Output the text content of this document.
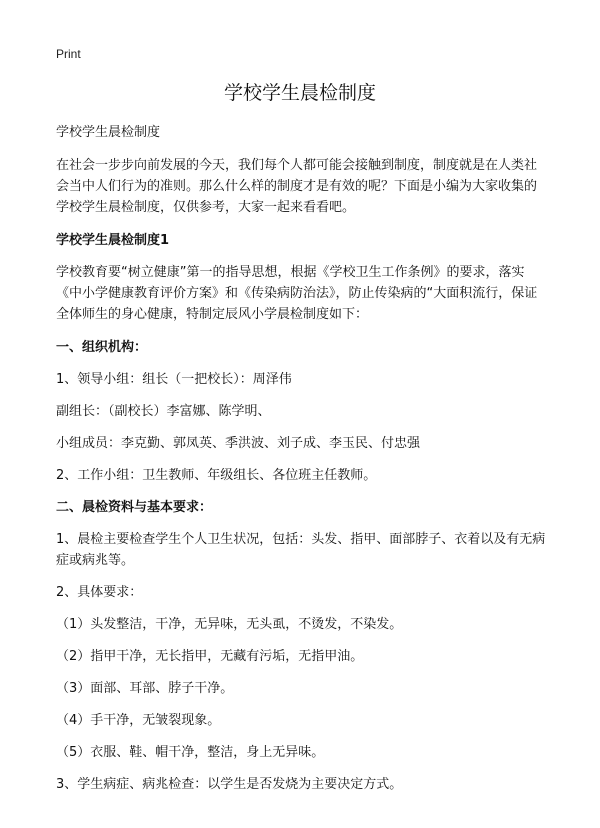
Print
学校学生晨检制度

学校学生晨检制度

在社会一步步向前发展的今天，我们每个人都可能会接触到制度，制度就是在人类社会当中人们行为的准则。那么什么样的制度才是有效的呢？下面是小编为大家收集的学校学生晨检制度，仅供参考，大家一起来看看吧。

学校学生晨检制度1

学校教育要“树立健康”第一的指导思想，根据《学校卫生工作条例》的要求，落实《中小学健康教育评价方案》和《传染病防治法》，防止传染病的“大面积流行，保证全体师生的身心健康，特制定辰风小学晨检制度如下：

一、组织机构：

1、领导小组：组长（一把校长）：周泽伟

副组长：（副校长）李富娜、陈学明、

小组成员：李克勤、郭凤英、季洪波、刘子成、李玉民、付忠强

2、工作小组：卫生教师、年级组长、各位班主任教师。

二、晨检资料与基本要求：

1、晨检主要检查学生个人卫生状况，包括：头发、指甲、面部脖子、衣着以及有无病症或病兆等。

2、具体要求：

（1）头发整洁，干净，无异味，无头虱，不烫发，不染发。

（2）指甲干净，无长指甲，无藏有污垢，无指甲油。

（3）面部、耳部、脖子干净。

（4）手干净，无皱裂现象。

（5）衣服、鞋、帽干净，整洁，身上无异味。

3、学生病症、病兆检查：以学生是否发烧为主要决定方式。
